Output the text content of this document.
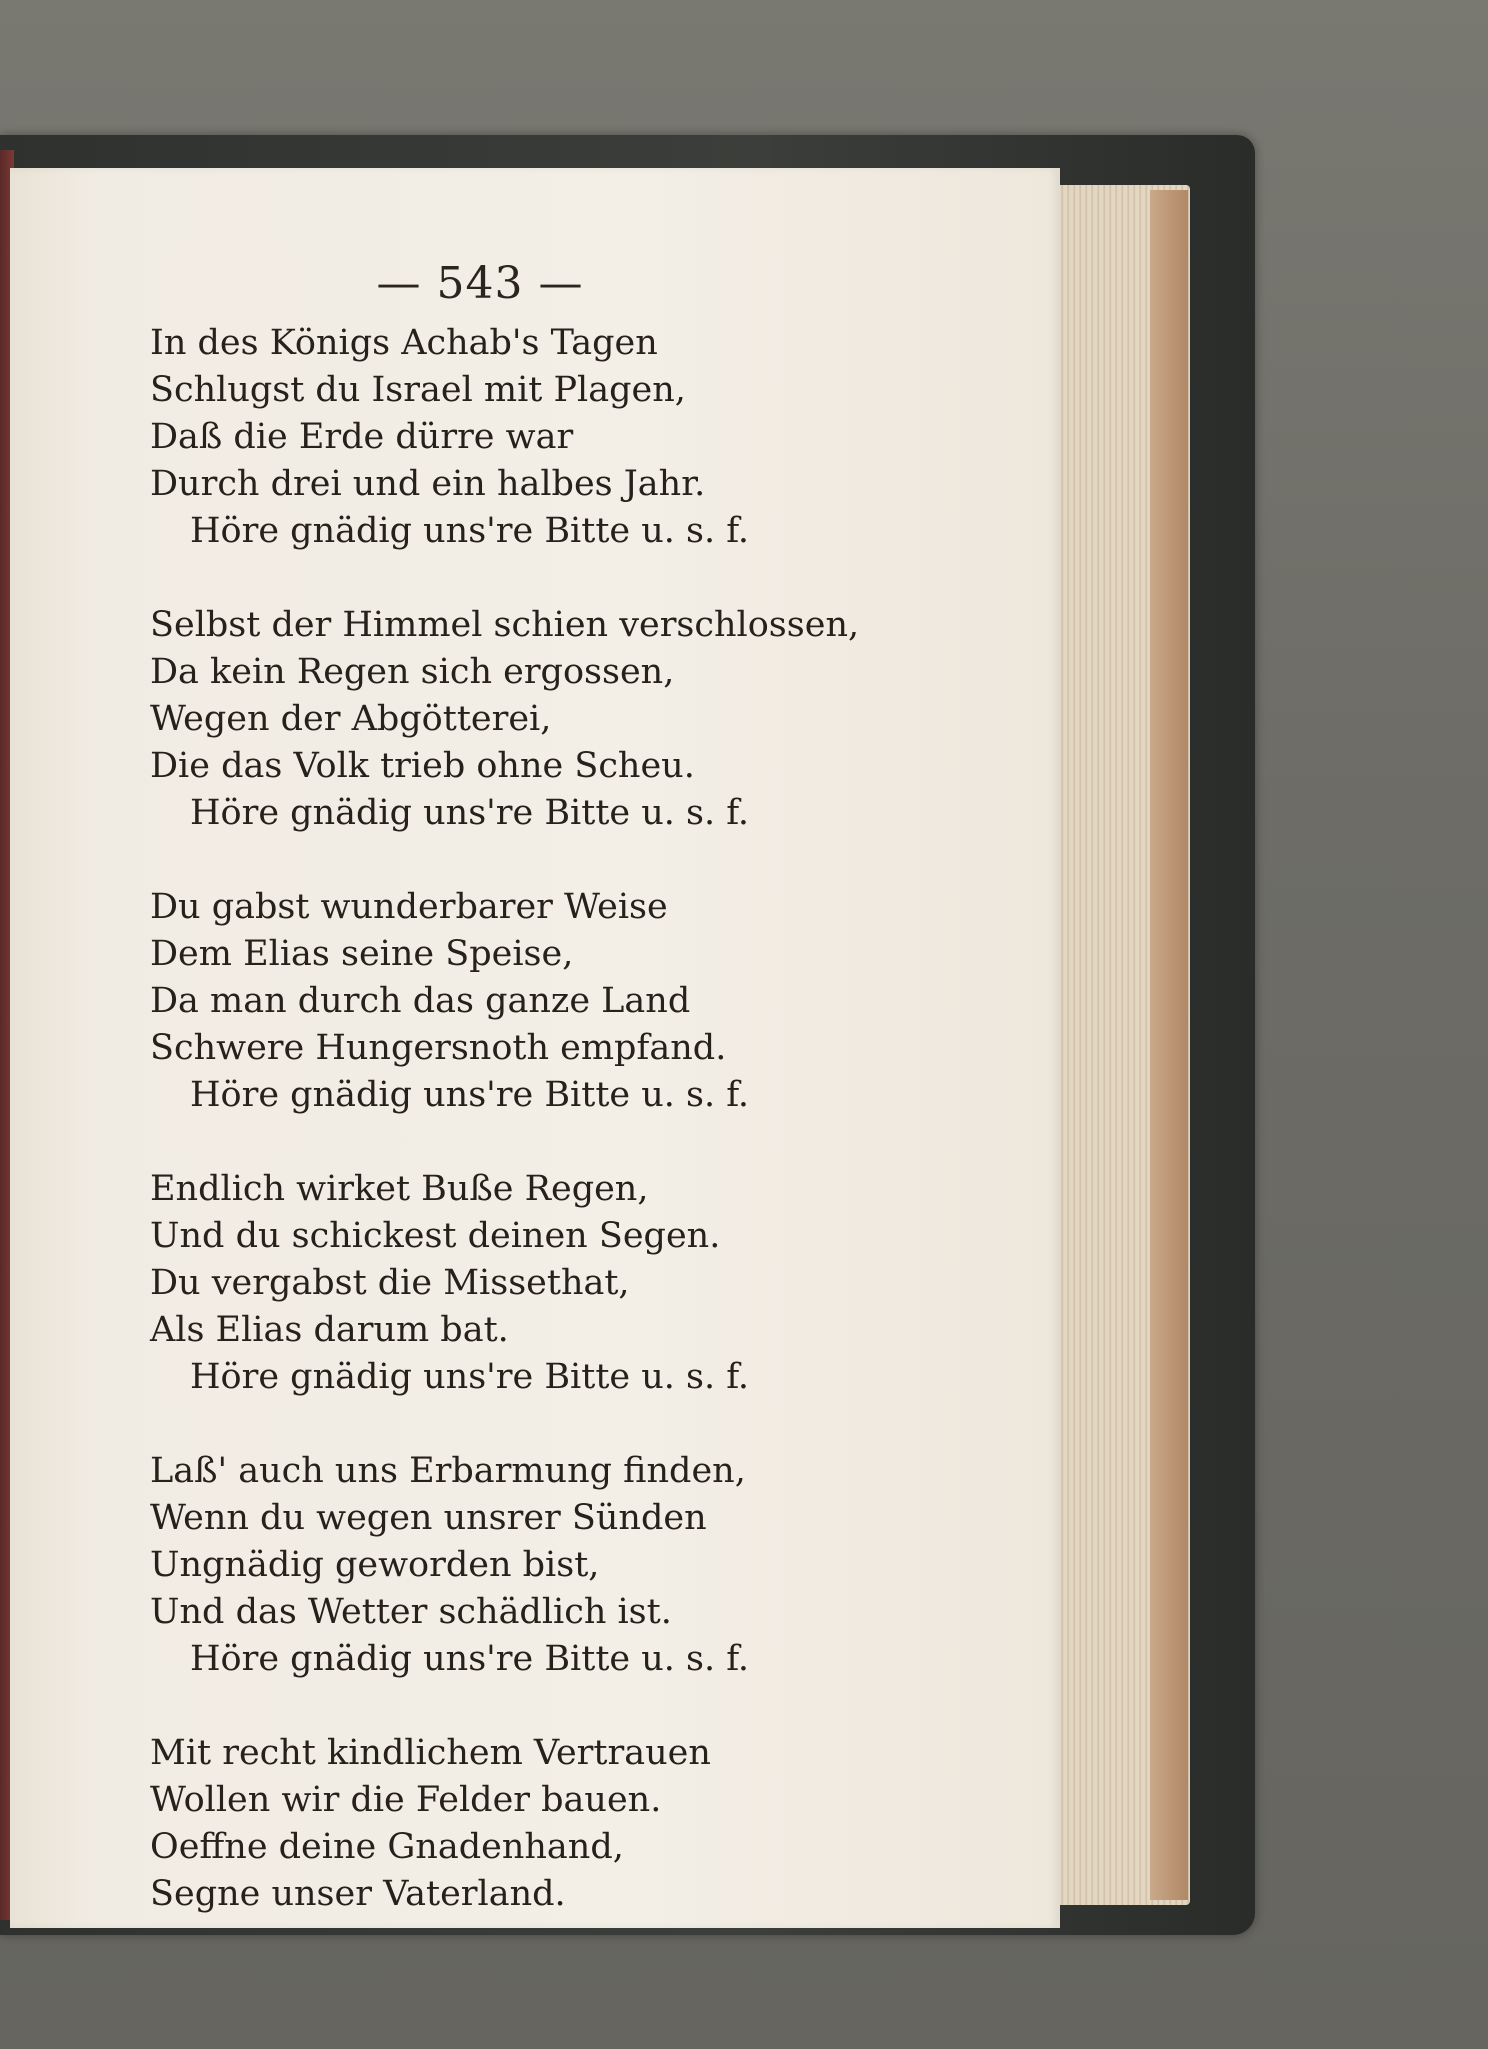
— 543 —
In des Königs Achab's Tagen
Schlugst du Israel mit Plagen,
Daß die Erde dürre war
Durch drei und ein halbes Jahr.
Höre gnädig uns're Bitte u. s. f.
Selbst der Himmel schien verschlossen,
Da kein Regen sich ergossen,
Wegen der Abgötterei,
Die das Volk trieb ohne Scheu.
Höre gnädig uns're Bitte u. s. f.
Du gabst wunderbarer Weise
Dem Elias seine Speise,
Da man durch das ganze Land
Schwere Hungersnoth empfand.
Höre gnädig uns're Bitte u. s. f.
Endlich wirket Buße Regen,
Und du schickest deinen Segen.
Du vergabst die Missethat,
Als Elias darum bat.
Höre gnädig uns're Bitte u. s. f.
Laß' auch uns Erbarmung finden,
Wenn du wegen unsrer Sünden
Ungnädig geworden bist,
Und das Wetter schädlich ist.
Höre gnädig uns're Bitte u. s. f.
Mit recht kindlichem Vertrauen
Wollen wir die Felder bauen.
Oeffne deine Gnadenhand,
Segne unser Vaterland.
